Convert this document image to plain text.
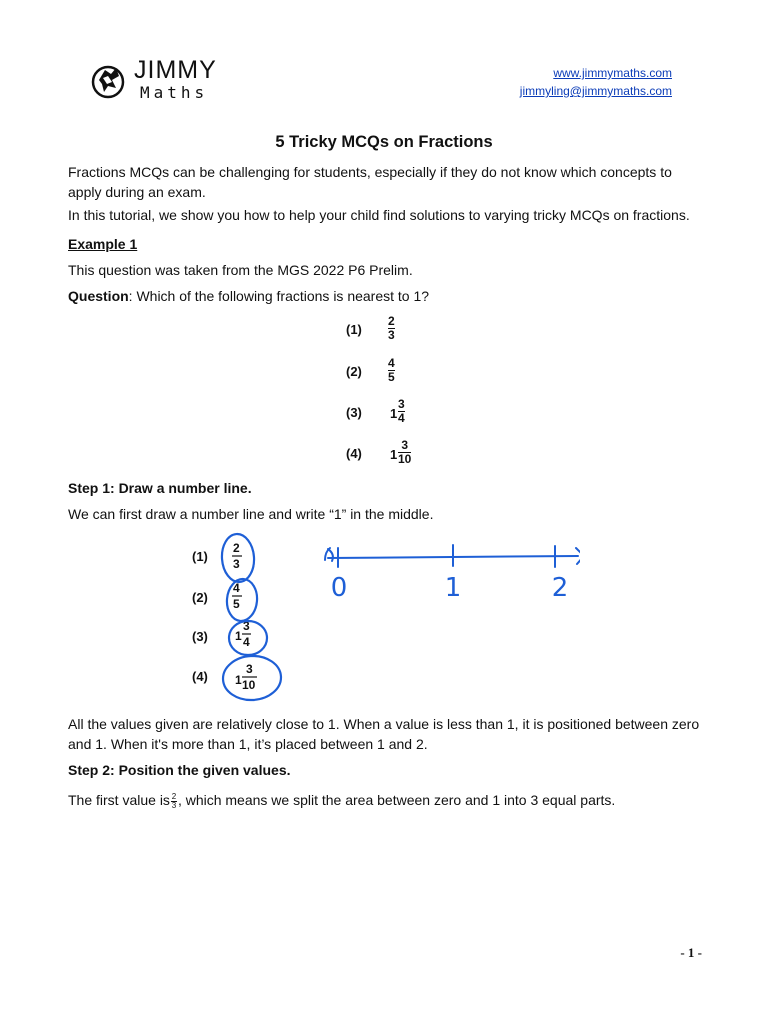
JIMMY
Maths
www.jimmymaths.com
jimmyling@jimmymaths.com
5 Tricky MCQs on Fractions
Fractions MCQs can be challenging for students, especially if they do not know which concepts to apply during an exam.
In this tutorial, we show you how to help your child find solutions to varying tricky MCQs on fractions.
Example 1
This question was taken from the MGS 2022 P6 Prelim.
Question: Which of the following fractions is nearest to 1?
(1)
2
3
(2)
4
5
(3) 1
3
4
(4) 1
3
10
Step 1: Draw a number line.
We can first draw a number line and write “1” in the middle.
(1)
(2)
(3)
(4)
2
3
4
5
1
3
4
1
3
10
0	1	2
All the values given are relatively close to 1. When a value is less than 1, it is positioned between zero and 1. When it's more than 1, it’s placed between 1 and 2.
Step 2: Position the given values.
The first value is $\frac{2}{3}$ , which means we split the area between zero and 1 into 3 equal parts.
- 1 -
